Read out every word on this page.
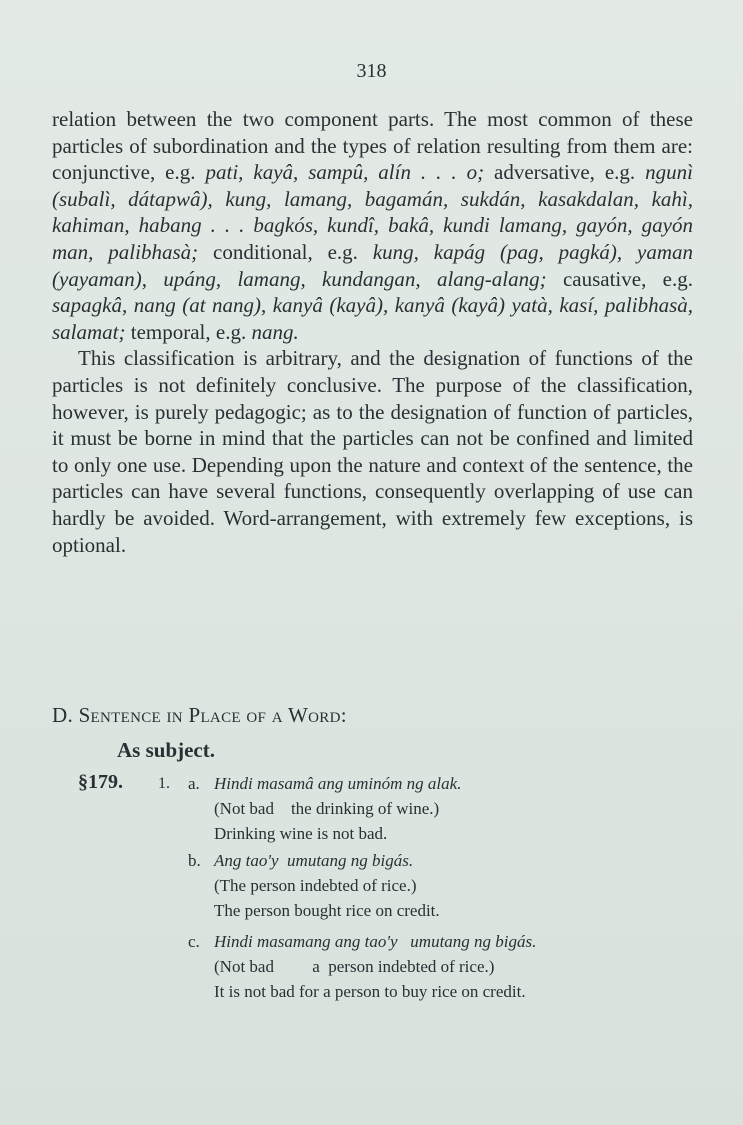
318

relation between the two component parts. The most common of these particles of subordination and the types of relation resulting from them are: conjunctive, e.g. pati, kayâ, sampû, alín . . . o; adversative, e.g. ngunì (subalì, dátapwâ), kung, lamang, bagamán, sukdán, kasakdalan, kahì, kahiman, habang . . . bagkós, kundî, bakâ, kundi lamang, gayón, gayón man, palibhasà; conditional, e.g. kung, kapág (pag, pagká), yaman (yayaman), upáng, lamang, kundangan, alang-alang; causative, e.g. sapagkâ, nang (at nang), kanyâ (kayâ), kanyâ (kayâ) yatà, kasí, palibhasà, salamat; temporal, e.g. nang.

This classification is arbitrary, and the designation of functions of the particles is not definitely conclusive. The purpose of the classification, however, is purely pedagogic; as to the designation of function of particles, it must be borne in mind that the particles can not be confined and limited to only one use. Depending upon the nature and context of the sentence, the particles can have several functions, consequently overlapping of use can hardly be avoided. Word-arrangement, with extremely few exceptions, is optional.

D. Sentence in Place of a Word:
As subject.
§179. 1. a. Hindi masamâ ang uminóm ng alak.
(Not bad    the drinking of wine.)
Drinking wine is not bad.
b. Ang tao'y  umutang ng bigás.
(The person indebted of rice.)
The person bought rice on credit.
c. Hindi masamang ang tao'y   umutang ng bigás.
(Not bad         a  person indebted of rice.)
It is not bad for a person to buy rice on credit.
